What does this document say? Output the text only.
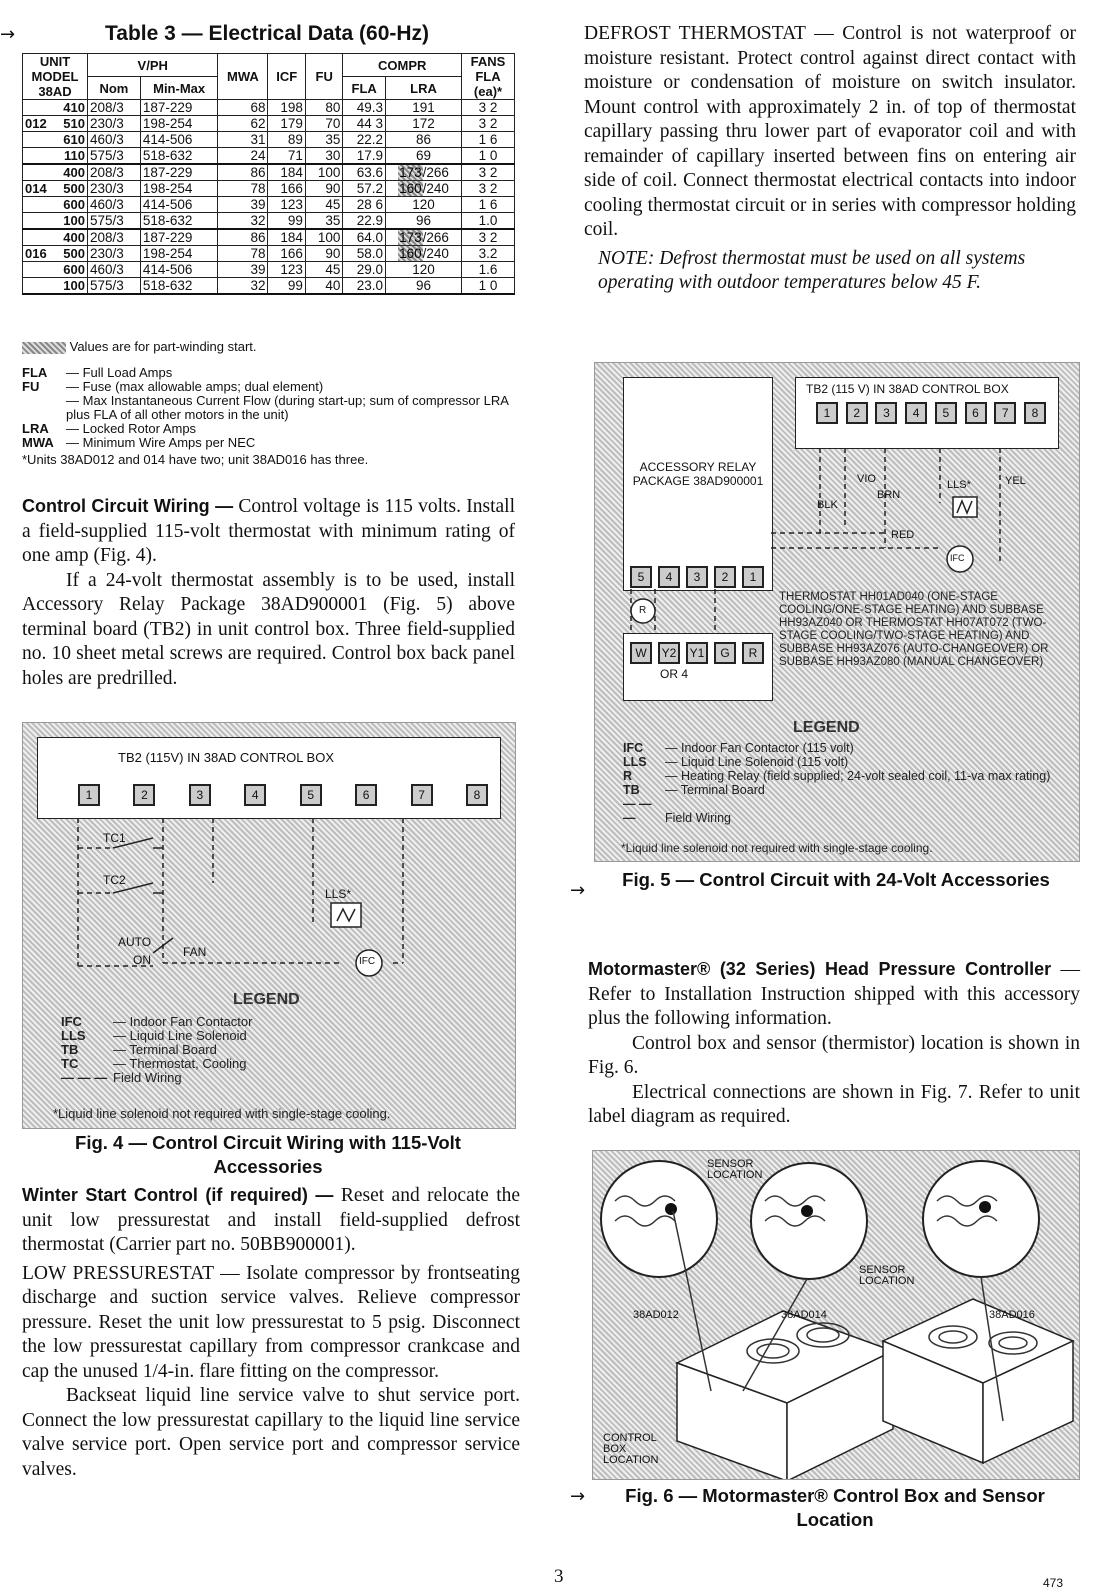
→	Table 3 — Electrical Data (60-Hz)
UNIT MODEL 38AD	V/PH		MWA	ICF	FU	COMPR		FANS FLA (ea)*
	Nom	Min-Max				FLA	LRA	

410	208/3	187-229	68	198	80	49.3	191	3 2

012 510	230/3	198-254	62	179	70	44 3	172	3 2

610	460/3	414-506	31	89	35	22.2	86	1 6

110	575/3	518-632	24	71	30	17.9	69	1 0

400	208/3	187-229	86	184	100	63.6	173/266	3 2

014 500	230/3	198-254	78	166	90	57.2	160/240	3 2

600	460/3	414-506	39	123	45	28 6	120	1 6

100	575/3	518-632	32	99	35	22.9	96	1.0

400	208/3	187-229	86	184	100	64.0	173/266	3 2

016 500	230/3	198-254	78	166	90	58.0	160/240	3.2

600	460/3	414-506	39	123	45	29.0	120	1.6

100	575/3	518-632	32	99	40	23.0	96	1 0
Values are for part-winding start.
FLA — Full Load Amps
FU — Fuse (max allowable amps; dual element)
— Max Instantaneous Current Flow (during start-up; sum of compressor LRA plus FLA of all other motors in the unit)
LRA — Locked Rotor Amps
MWA — Minimum Wire Amps per NEC
*Units 38AD012 and 014 have two; unit 38AD016 has three.

Control Circuit Wiring — Control voltage is 115 volts. Install a field-supplied 115-volt thermostat with minimum rating of one amp (Fig. 4).

If a 24-volt thermostat assembly is to be used, install Accessory Relay Package 38AD900001 (Fig. 5) above terminal board (TB2) in unit control box. Three field-supplied no. 10 sheet metal screws are required. Control box back panel holes are predrilled.

TB2 (115V) IN 38AD CONTROL BOX
1	2	3	4	5	6	7	8
TC1
TC2
AUTO
ON
FAN
LLS*
IFC
LEGEND
IFC — Indoor Fan Contactor
LLS — Liquid Line Solenoid
TB	— Terminal Board
TC	— Thermostat, Cooling
— — — Field Wiring
*Liquid line solenoid not required with single-stage cooling.
Fig. 4 — Control Circuit Wiring with 115-Volt Accessories

Winter Start Control (if required) — Reset and relocate the unit low pressurestat and install field-supplied defrost thermostat (Carrier part no. 50BB900001).

LOW PRESSURESTAT — Isolate compressor by frontseating discharge and suction service valves. Relieve compressor pressure. Reset the unit low pressurestat to 5 psig. Disconnect the low pressurestat capillary from compressor crankcase and cap the unused 1/4-in. flare fitting on the compressor.

Backseat liquid line service valve to shut service port. Connect the low pressurestat capillary to the liquid line service valve service port. Open service port and compressor service valves.

DEFROST THERMOSTAT — Control is not waterproof or moisture resistant. Protect control against direct contact with moisture or condensation of moisture on switch insulator. Mount control with approximately 2 in. of top of thermostat capillary passing thru lower part of evaporator coil and with remainder of capillary inserted between fins on entering air side of coil. Connect thermostat electrical contacts into indoor cooling thermostat circuit or in series with compressor holding coil.

NOTE: Defrost thermostat must be used on all systems operating with outdoor temperatures below 45 F.

TB2 (115 V) IN 38AD CONTROL BOX
1	2	3	4	5	6	7	8
ACCESSORY RELAY PACKAGE 38AD900001
5	4	3	2	1
W	Y2	Y1	G	R
OR 4
VIO
BLK
BRN
RED
YEL
LLS*
IFC
R
THERMOSTAT HH01AD040 (ONE-STAGE COOLING/ONE-STAGE HEATING) AND SUBBASE HH93AZ040 OR THERMOSTAT HH07AT072 (TWO-STAGE COOLING/TWO-STAGE HEATING) AND SUBBASE HH93AZ076 (AUTO-CHANGEOVER) OR SUBBASE HH93AZ080 (MANUAL CHANGEOVER)
LEGEND
IFC — Indoor Fan Contactor (115 volt)
LLS — Liquid Line Solenoid (115 volt)
R	— Heating Relay (field supplied; 24-volt sealed coil, 11-va max rating)
TB — Terminal Board
— — — Field Wiring
*Liquid line solenoid not required with single-stage cooling.
→
Fig. 5 — Control Circuit with 24-Volt Accessories

Motormaster® (32 Series) Head Pressure Controller — Refer to Installation Instruction shipped with this accessory plus the following information.

Control box and sensor (thermistor) location is shown in Fig. 6.

Electrical connections are shown in Fig. 7. Refer to unit label diagram as required.

SENSOR LOCATION
SENSOR LOCATION
38AD012	38AD014	38AD016
CONTROL BOX LOCATION
→	Fig. 6 — Motormaster® Control Box and Sensor Location
3	473
